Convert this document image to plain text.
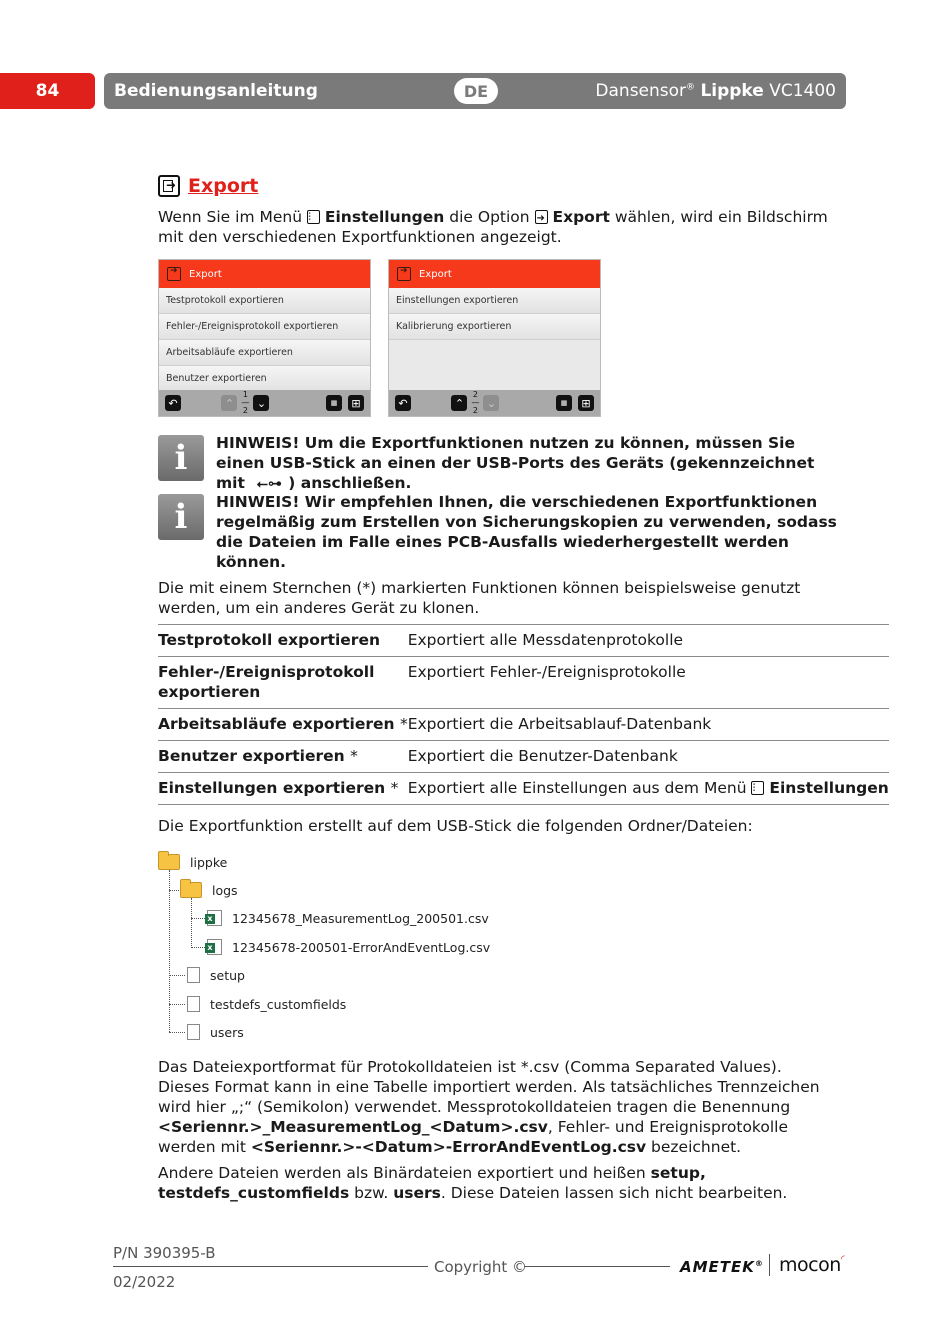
84	Bedienungsanleitung	DE	Dansensor® Lippke VC1400
➜
Export

Wenn Sie im Menü ⫶⫶ Einstellungen die Option ➜ Export wählen, wird ein Bildschirm mit den verschiedenen Exportfunktionen angezeigt.

➜
Export
Testprotokoll exportieren
Fehler-/Ereignisprotokoll exportieren
Arbeitsabläufe exportieren
Benutzer exportieren
↶	⌃
1
—
2
⌄	▦	⊞
➜
Export
Einstellungen exportieren
Kalibrierung exportieren
↶	⌃
2
—
2
⌄	▦	⊞
i	HINWEIS! Um die Exportfunktionen nutzen zu können, müssen Sie einen USB-Stick an einen der USB-Ports des Geräts (gekennzeichnet mit ⭠⊶ ) anschließen.
i	HINWEIS! Wir empfehlen Ihnen, die verschiedenen Exportfunktionen regelmäßig zum Erstellen von Sicherungskopien zu verwenden, sodass die Dateien im Falle eines PCB-Ausfalls wiederhergestellt werden können.

Die mit einem Sternchen (*) markierten Funktionen können beispielsweise genutzt werden, um ein anderes Gerät zu klonen.

Testprotokoll exportieren	Exportiert alle Messdatenprotokolle
Fehler-/Ereignisprotokoll exportieren	Exportiert Fehler-/Ereignisprotokolle
Arbeitsabläufe exportieren *	Exportiert die Arbeitsablauf-Datenbank
Benutzer exportieren *	Exportiert die Benutzer-Datenbank
Einstellungen exportieren *	Exportiert alle Einstellungen aus dem Menü ⫶⫶ Einstellungen

Die Exportfunktion erstellt auf dem USB-Stick die folgenden Ordner/Dateien:

lippke
logs
x
12345678_MeasurementLog_200501.csv
x
12345678-200501-ErrorAndEventLog.csv
setup
testdefs_customfields
users

Das Dateiexportformat für Protokolldateien ist *.csv (Comma Separated Values). Dieses Format kann in eine Tabelle importiert werden. Als tatsächliches Trennzeichen wird hier „;“ (Semikolon) verwendet. Messprotokolldateien tragen die Benennung <Seriennr.>_MeasurementLog_<Datum>.csv, Fehler- und Ereignisprotokolle werden mit <Seriennr.>-<Datum>-ErrorAndEventLog.csv bezeichnet.

Andere Dateien werden als Binärdateien exportiert und heißen setup, testdefs_customfields bzw. users. Diese Dateien lassen sich nicht bearbeiten.

P/N 390395-B
02/2022
Copyright ©	AMETEK® mocon◜
